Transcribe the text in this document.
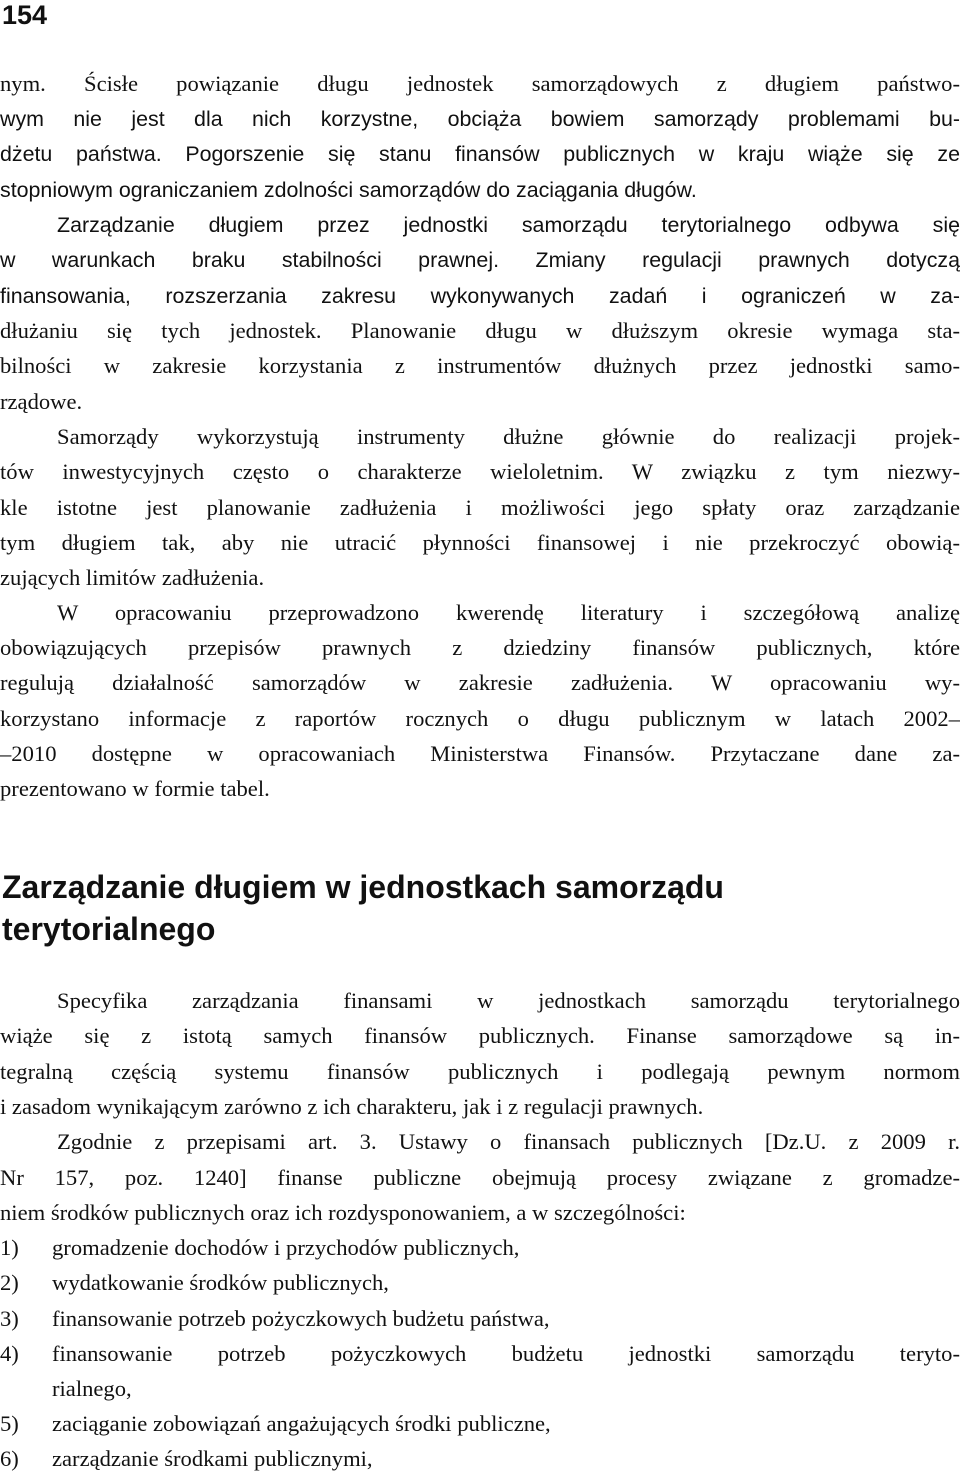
154

nym. Ścisłe powiązanie długu jednostek samorządowych z długiem państwo-

wym nie jest dla nich korzystne, obciąża bowiem samorządy problemami bu-

dżetu państwa. Pogorszenie się stanu finansów publicznych w kraju wiąże się ze

stopniowym ograniczaniem zdolności samorządów do zaciągania długów.

Zarządzanie długiem przez jednostki samorządu terytorialnego odbywa się

w warunkach braku stabilności prawnej. Zmiany regulacji prawnych dotyczą

finansowania, rozszerzania zakresu wykonywanych zadań i ograniczeń w za-

dłużaniu się tych jednostek. Planowanie długu w dłuższym okresie wymaga sta-

bilności w zakresie korzystania z instrumentów dłużnych przez jednostki samo-

rządowe.

Samorządy wykorzystują instrumenty dłużne głównie do realizacji projek-

tów inwestycyjnych często o charakterze wieloletnim. W związku z tym niezwy-

kle istotne jest planowanie zadłużenia i możliwości jego spłaty oraz zarządzanie

tym długiem tak, aby nie utracić płynności finansowej i nie przekroczyć obowią-

zujących limitów zadłużenia.

W opracowaniu przeprowadzono kwerendę literatury i szczegółową analizę

obowiązujących przepisów prawnych z dziedziny finansów publicznych, które

regulują działalność samorządów w zakresie zadłużenia. W opracowaniu wy-

korzystano informacje z raportów rocznych o długu publicznym w latach 2002–

–2010 dostępne w opracowaniach Ministerstwa Finansów. Przytaczane dane za-

prezentowano w formie tabel.

Zarządzanie długiem w jednostkach samorządu
terytorialnego

Specyfika zarządzania finansami w jednostkach samorządu terytorialnego

wiąże się z istotą samych finansów publicznych. Finanse samorządowe są in-

tegralną częścią systemu finansów publicznych i podlegają pewnym normom

i zasadom wynikającym zarówno z ich charakteru, jak i z regulacji prawnych.

Zgodnie z przepisami art. 3. Ustawy o finansach publicznych [Dz.U. z 2009 r.

Nr 157, poz. 1240] finanse publiczne obejmują procesy związane z gromadze-

niem środków publicznych oraz ich rozdysponowaniem, a w szczególności:

1) gromadzenie dochodów i przychodów publicznych,
2) wydatkowanie środków publicznych,
3) finansowanie potrzeb pożyczkowych budżetu państwa,
4) finansowanie potrzeb pożyczkowych budżetu jednostki samorządu teryto-
rialnego,
5) zaciąganie zobowiązań angażujących środki publiczne,
6) zarządzanie środkami publicznymi,
